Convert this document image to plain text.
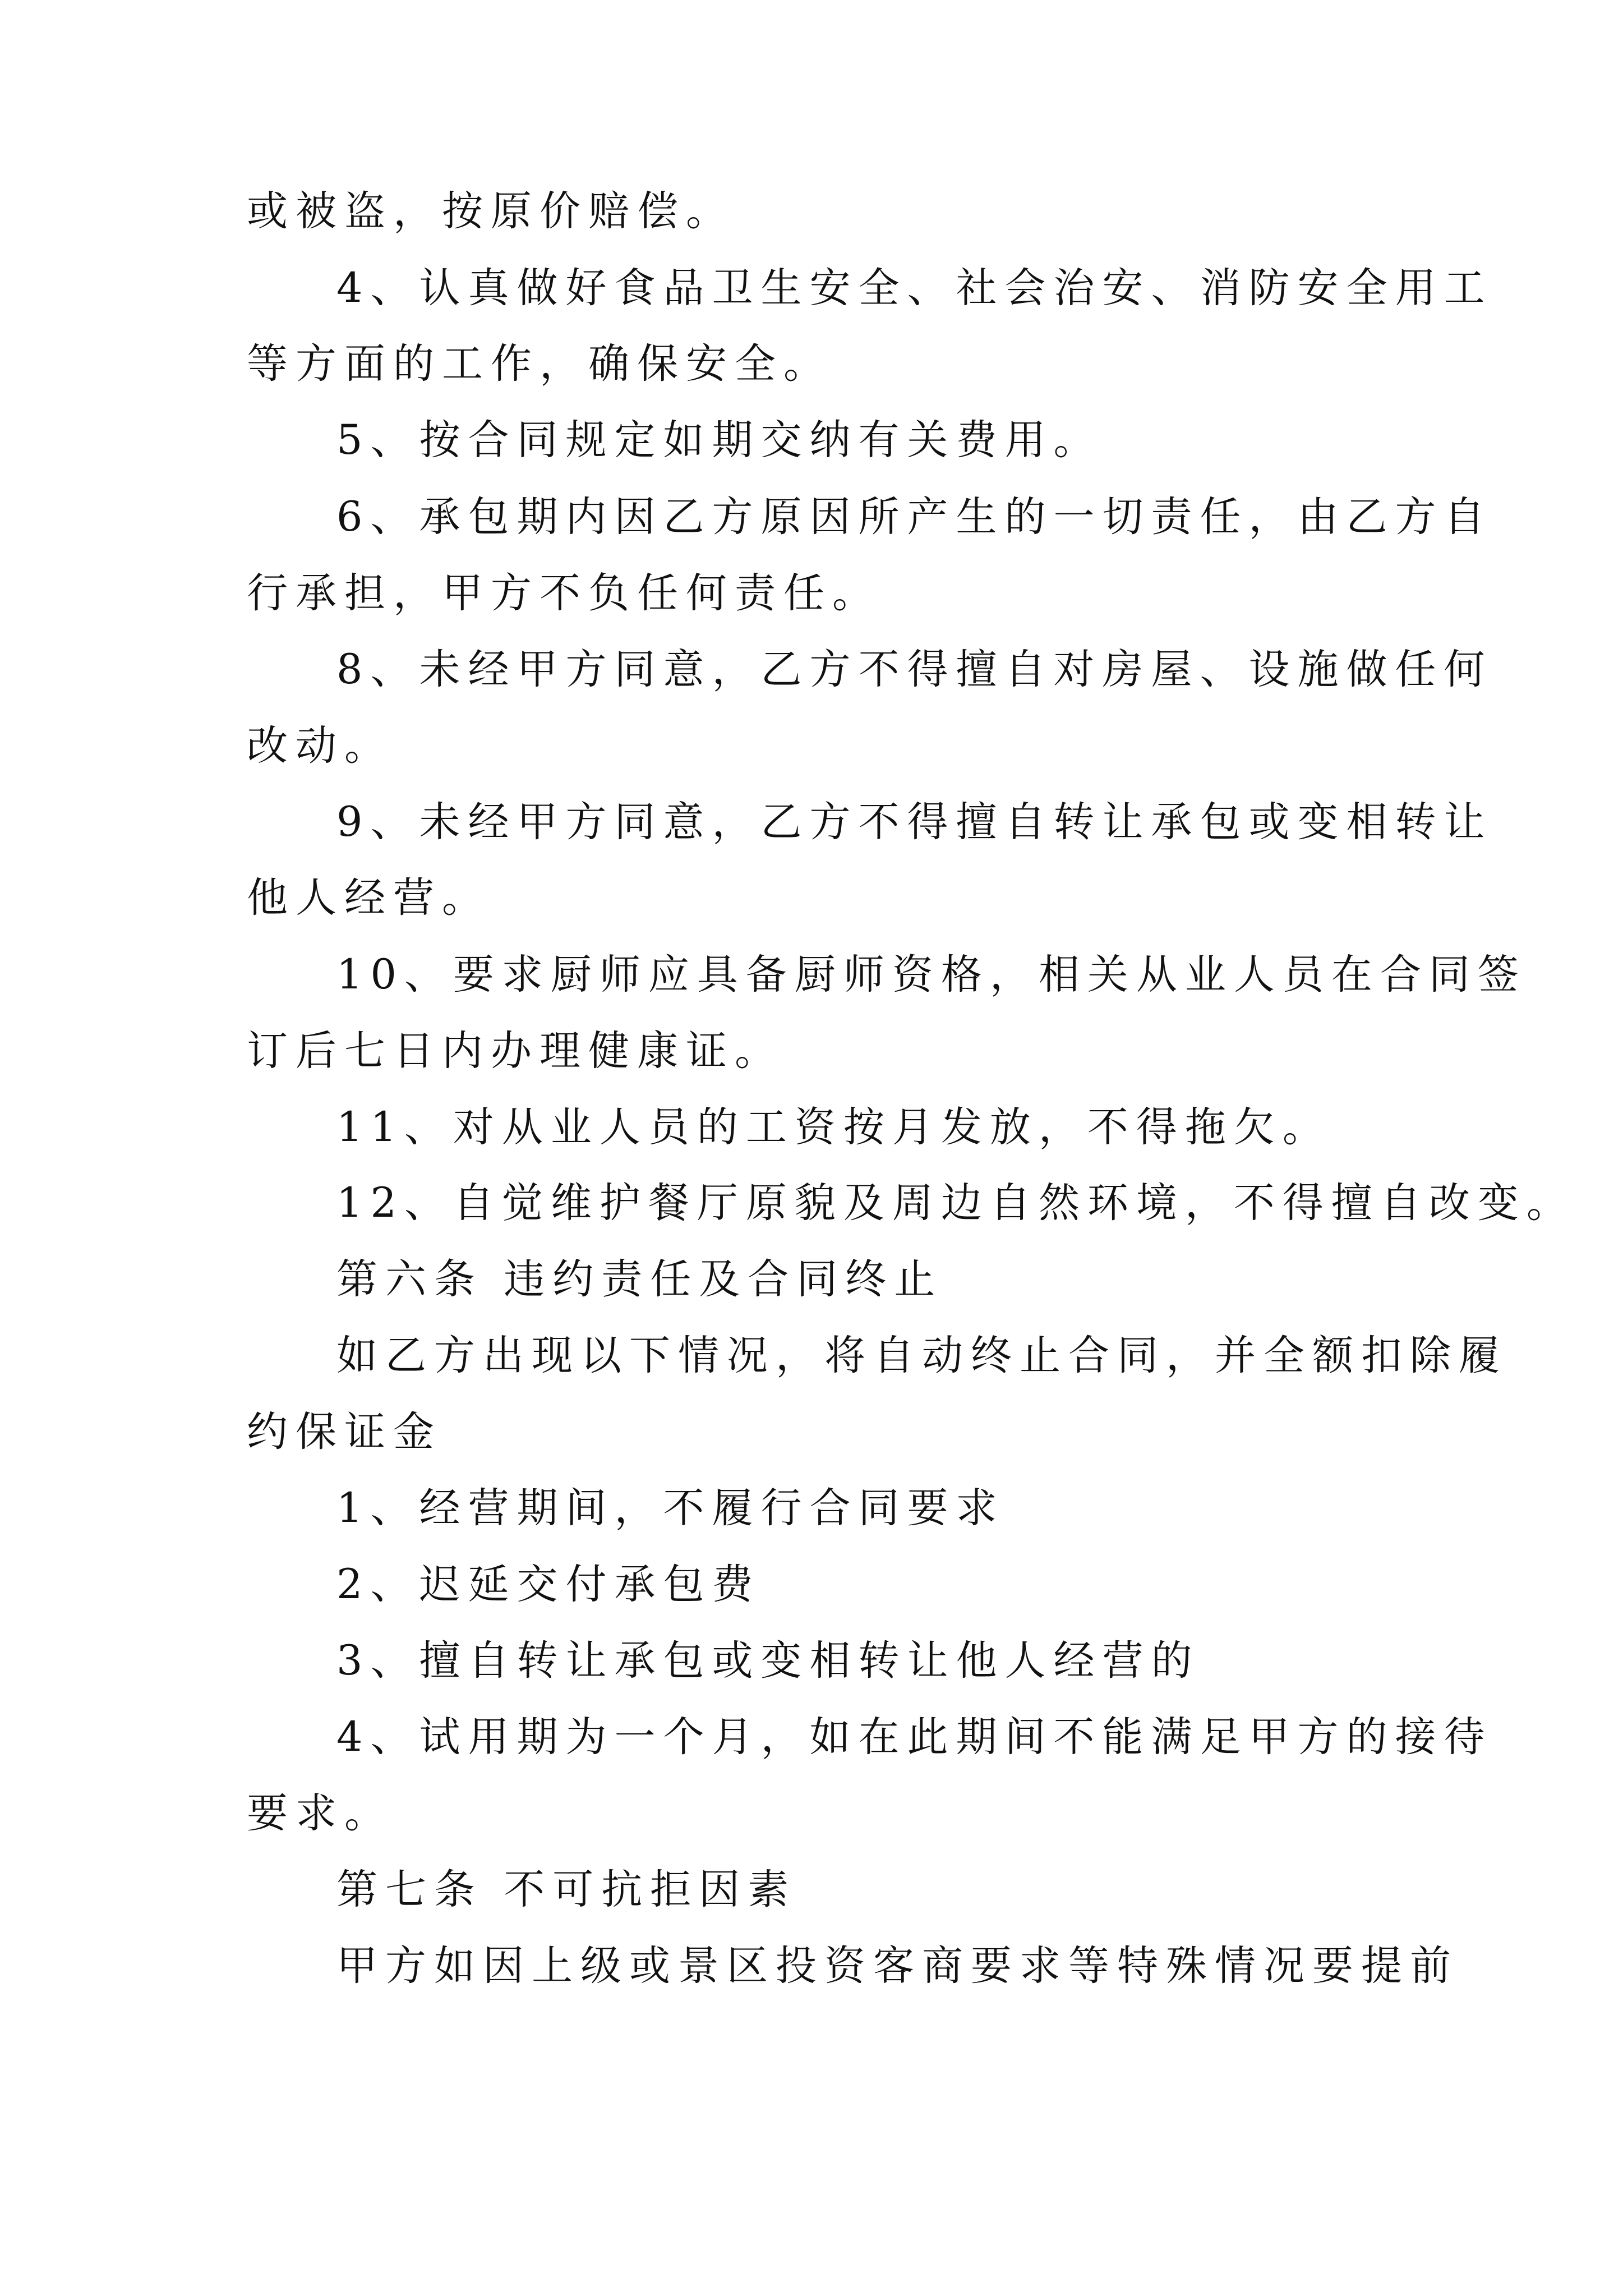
或被盗，按原价赔偿。
4、认真做好食品卫生安全、社会治安、消防安全用工
等方面的工作，确保安全。
5、按合同规定如期交纳有关费用。
6、承包期内因乙方原因所产生的一切责任，由乙方自
行承担，甲方不负任何责任。
8、未经甲方同意，乙方不得擅自对房屋、设施做任何
改动。
9、未经甲方同意，乙方不得擅自转让承包或变相转让
他人经营。
10、要求厨师应具备厨师资格，相关从业人员在合同签
订后七日内办理健康证。
11、对从业人员的工资按月发放，不得拖欠。
12、自觉维护餐厅原貌及周边自然环境，不得擅自改变。
第六条 违约责任及合同终止
如乙方出现以下情况，将自动终止合同，并全额扣除履
约保证金
1、经营期间，不履行合同要求
2、迟延交付承包费
3、擅自转让承包或变相转让他人经营的
4、试用期为一个月，如在此期间不能满足甲方的接待
要求。
第七条 不可抗拒因素
甲方如因上级或景区投资客商要求等特殊情况要提前
